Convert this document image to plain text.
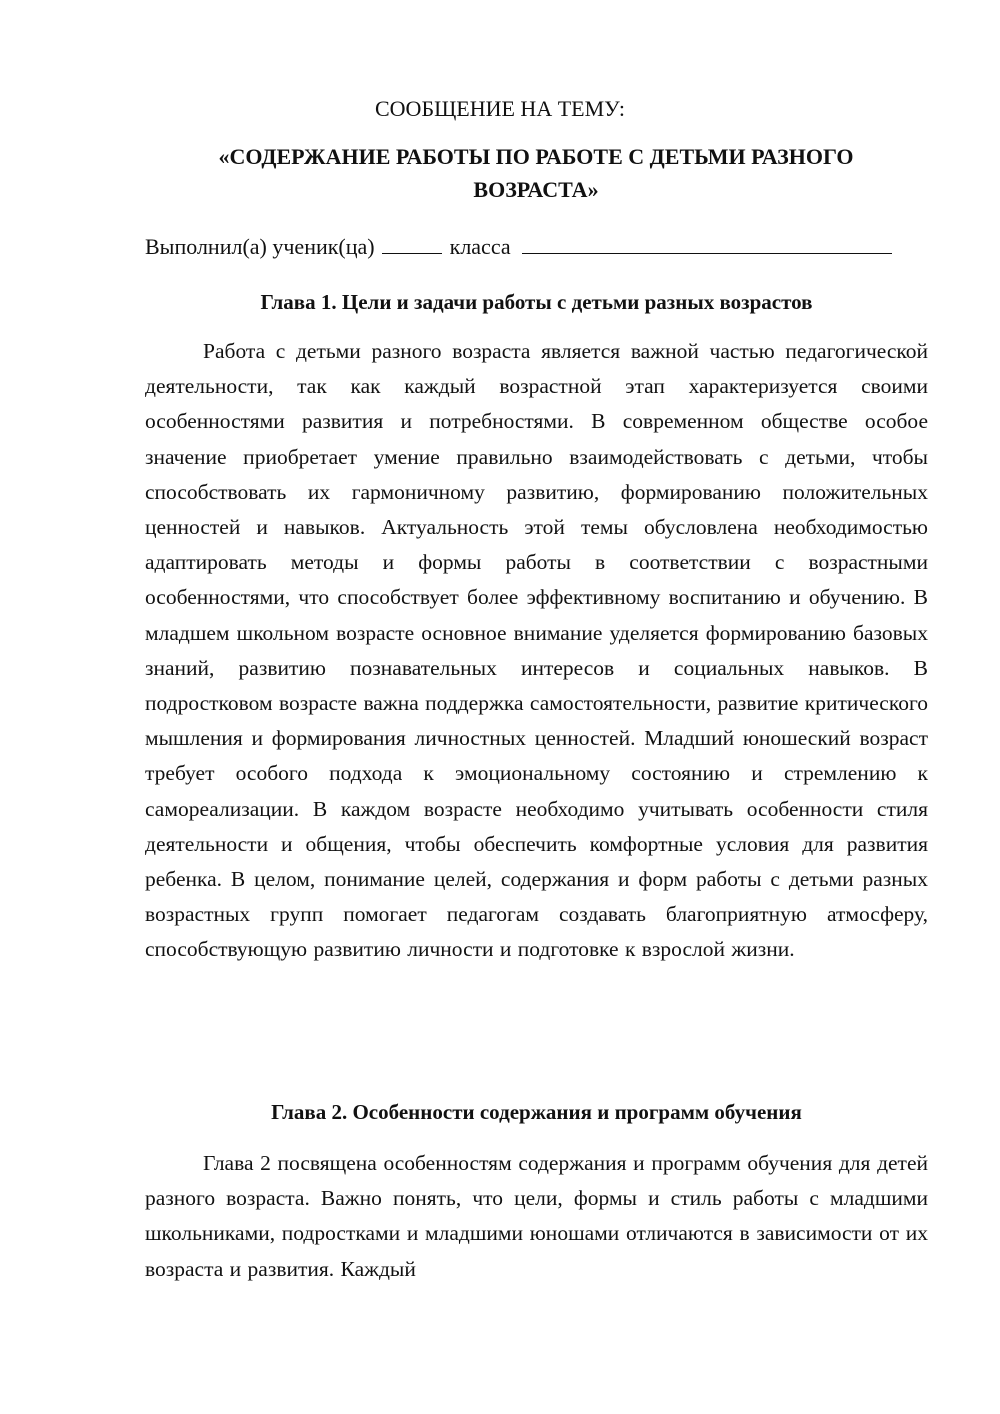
СООБЩЕНИЕ НА ТЕМУ:
«СОДЕРЖАНИЕ РАБОТЫ ПО РАБОТЕ С ДЕТЬМИ РАЗНОГО
ВОЗРАСТА»
Выполнил(а) ученик(ца)	класса
Глава 1. Цели и задачи работы с детьми разных возрастов

Работа с детьми разного возраста является важной частью педагогической деятельности, так как каждый возрастной этап характеризуется своими особенностями развития и потребностями. В современном обществе особое значение приобретает умение правильно взаимодействовать с детьми, чтобы способствовать их гармоничному развитию, формированию положительных ценностей и навыков. Актуальность этой темы обусловлена необходимостью адаптировать методы и формы работы в соответствии с возрастными особенностями, что способствует более эффективному воспитанию и обучению. В младшем школьном возрасте основное внимание уделяется формированию базовых знаний, развитию познавательных интересов и социальных навыков. В подростковом возрасте важна поддержка самостоятельности, развитие критического мышления и формирования личностных ценностей. Младший юношеский возраст требует особого подхода к эмоциональному состоянию и стремлению к самореализации. В каждом возрасте необходимо учитывать особенности стиля деятельности и общения, чтобы обеспечить комфортные условия для развития ребенка. В целом, понимание целей, содержания и форм работы с детьми разных возрастных групп помогает педагогам создавать благоприятную атмосферу, способствующую развитию личности и подготовке к взрослой жизни.

Глава 2. Особенности содержания и программ обучения

Глава 2 посвящена особенностям содержания и программ обучения для детей разного возраста. Важно понять, что цели, формы и стиль работы с младшими школьниками, подростками и младшими юношами отличаются в зависимости от их возраста и развития. Каждый
